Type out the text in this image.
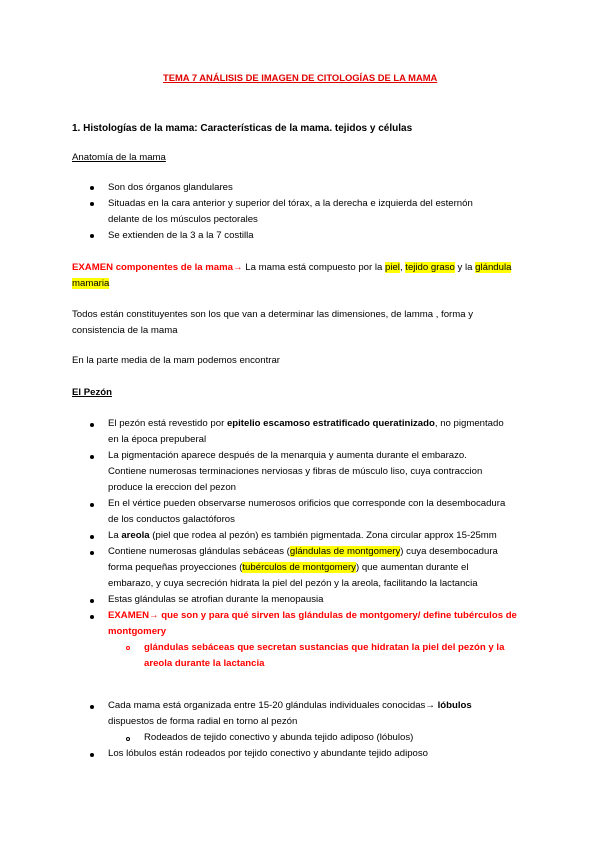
TEMA 7 ANÁLISIS DE IMAGEN DE CITOLOGÍAS DE LA MAMA

1. Histologías de la mama: Características de la mama. tejidos y células

Anatomía de la mama

Son dos órganos glandulares

Situadas en la cara anterior y superior del tórax, a la derecha e izquierda del esternón

delante de los músculos pectorales

Se extienden de la 3 a la 7 costilla

EXAMEN componentes de la mama→ La mama está compuesto por la piel, tejido graso y la glándula

mamaria

Todos están constituyentes son los que van a determinar las dimensiones, de lamma , forma y

consistencia de la mama

En la parte media de la mam podemos encontrar

El Pezón

El pezón está revestido por epitelio escamoso estratificado queratinizado, no pigmentado

en la época prepuberal

La pigmentación aparece después de la menarquia y aumenta durante el embarazo.

Contiene numerosas terminaciones nerviosas y fibras de músculo liso, cuya contraccion

produce la ereccion del pezon

En el vértice pueden observarse numerosos orificios que corresponde con la desembocadura

de los conductos galactóforos

La areola (piel que rodea al pezón) es también pigmentada. Zona circular approx 15-25mm

Contiene numerosas glándulas sebáceas (glándulas de montgomery) cuya desembocadura

forma pequeñas proyecciones (tubérculos de montgomery) que aumentan durante el

embarazo, y cuya secreción hidrata la piel del pezón y la areola, facilitando la lactancia

Estas glándulas se atrofian durante la menopausia

EXAMEN→ que son y para qué sirven las glándulas de montgomery/ define tubérculos de

montgomery

glándulas sebáceas que secretan sustancias que hidratan la piel del pezón y la

areola durante la lactancia

Cada mama está organizada entre 15-20 glándulas individuales conocidas→ lóbulos

dispuestos de forma radial en torno al pezón

Rodeados de tejido conectivo y abunda tejido adiposo (lóbulos)

Los lóbulos están rodeados por tejido conectivo y abundante tejido adiposo
